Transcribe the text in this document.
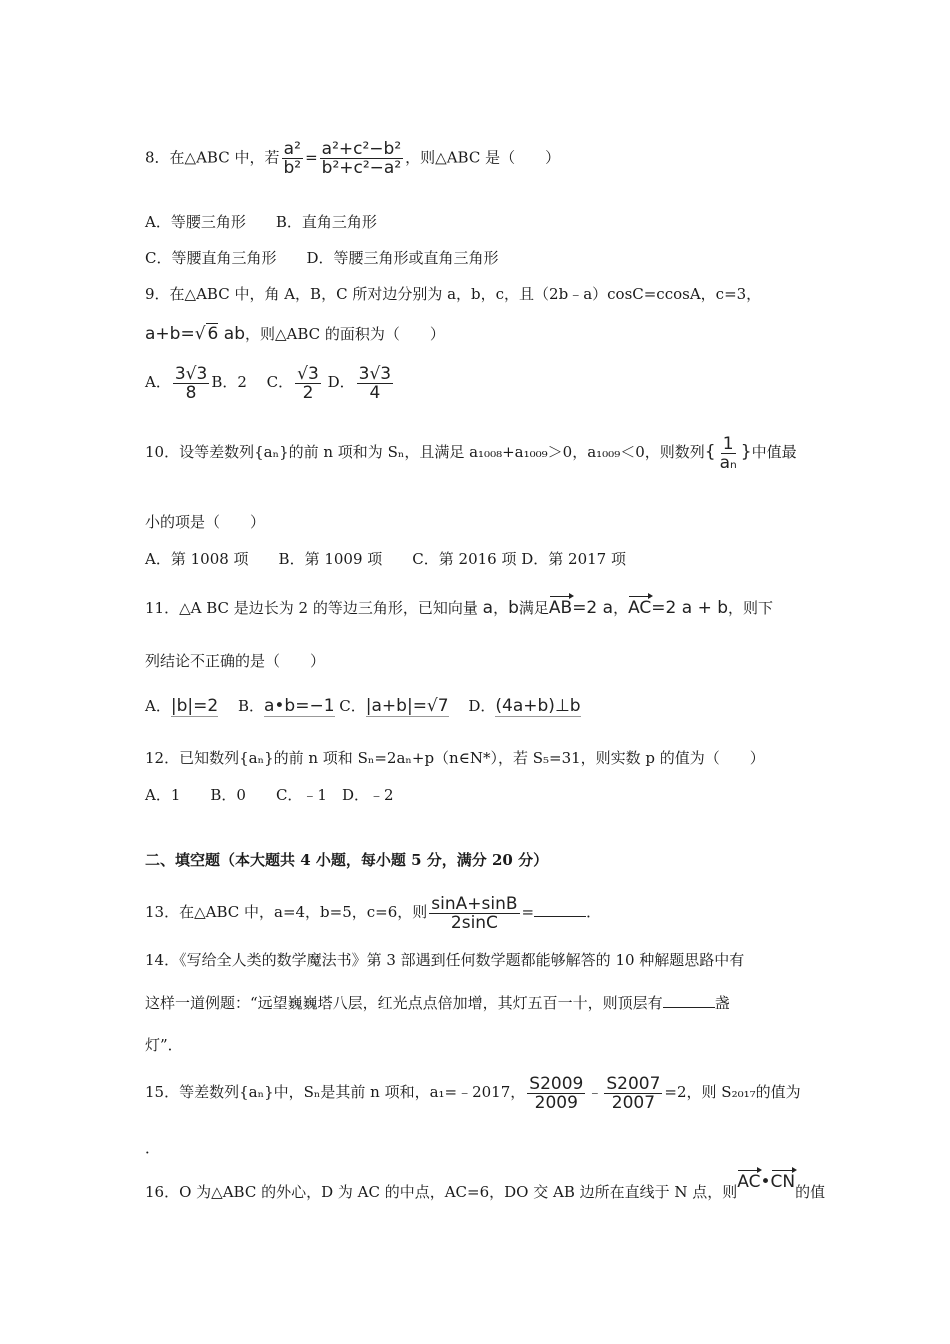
8．在△ABC 中，若 $\frac{\text{a²}}{\text{b²}} = \frac{\text{a²+c²−b²}}{\text{b²+c²−a²}}$ ，则△ABC 是（　　）
A．等腰三角形　　 B．直角三角形
C．等腰直角三角形　　 D．等腰三角形或直角三角形
9．在△ABC 中，角 A，B，C 所对边分别为 a，b，c，且（2b﹣a）cosC=ccosA，c=3，
a+b=√ 6 ab，则△ABC 的面积为（　　）
A． $\frac{3√3}{8}$ B．2　 C． $\frac{√3}{2}$ D． $\frac{3√3}{4}$
10．设等差数列{aₙ}的前 n 项和为 Sₙ，且满足 a₁₀₀₈+a₁₀₀₉＞0，a₁₀₀₉＜0，则数列{ $\frac{1}{\text{aₙ}}$ }中值最
小的项是（　　）
A．第 1008 项　　B．第 1009 项　　C．第 2016 项 D．第 2017 项
11．△A BC 是边长为 2 的等边三角形，已知向量 a，b满足AB=2 a，AC=2 a + b，则下
列结论不正确的是（　　）
A．|b|=2　 B．a•b=−1 C．|a+b|=√7　 D．(4a+b)⊥b
12．已知数列{aₙ}的前 n 项和 Sₙ=2aₙ+p（n∈N*），若 S₅=31，则实数 p 的值为（　　）
A．1　　B．0　　C．﹣1　D．﹣2
二、填空题（本大题共 4 小题，每小题 5 分，满分 20 分）
13．在△ABC 中，a=4，b=5，c=6，则 $\frac{\sin A+\sin B}{2\sin C}$ =	．
14．《写给全人类的数学魔法书》第 3 部遇到任何数学题都能够解答的 10 种解题思路中有
这样一道例题：“远望巍巍塔八层，红光点点倍加增，其灯五百一十，则顶层有	盏
灯”．
15．等差数列{aₙ}中，Sₙ是其前 n 项和，a₁=﹣2017， $\frac{S2009}{2009}$ ﹣ $\frac{S2007}{2007} =2$，则 S₂₀₁₇的值为
．
16．O 为△ABC 的外心，D 为 AC 的中点，AC=6，DO 交 AB 边所在直线于 N 点，则AC•CN的值
